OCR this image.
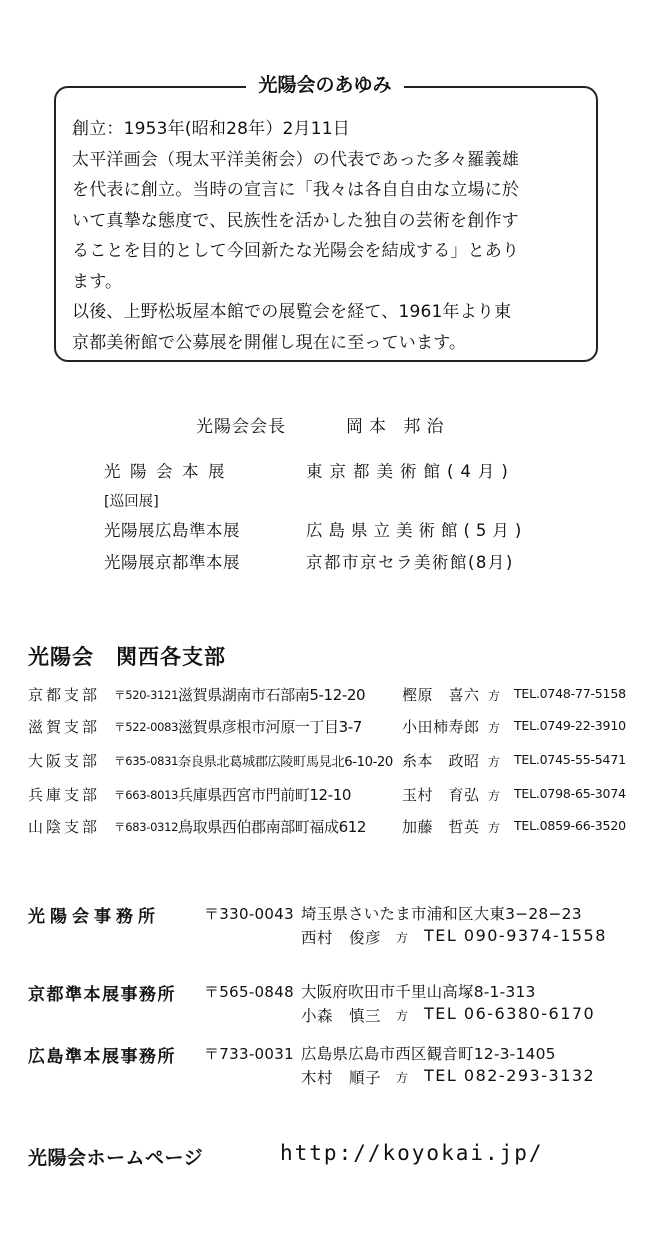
光陽会のあゆみ
創立：1953年(昭和28年）2月11日
太平洋画会（現太平洋美術会）の代表であった多々羅義雄
を代表に創立。当時の宣言に「我々は各自自由な立場に於
いて真摯な態度で、民族性を活かした独自の芸術を創作す
ることを目的として今回新たな光陽会を結成する」とあり
ます。
以後、上野松坂屋本館での展覧会を経て、1961年より東
京都美術館で公募展を開催し現在に至っています。
光陽会会長	岡本 邦治
光陽会本展	東京都美術館(4月)
[巡回展]
光陽展広島準本展	広島県立美術館(5月)
光陽展京都準本展	京都市京セラ美術館(8月)
光陽会　関西各支部
京都支部 〒520-3121 滋賀県湖南市石部南5-12-20 樫原　喜六 方 TEL.0748-77-5158
滋賀支部 〒522-0083 滋賀県彦根市河原一丁目3-7	小田柿寿郎 方 TEL.0749-22-3910
大阪支部 〒635-0831 奈良県北葛城郡広陵町馬見北6-10-20 糸本　政昭 方 TEL.0745-55-5471
兵庫支部 〒663-8013 兵庫県西宮市門前町12-10	玉村　育弘 方 TEL.0798-65-3074
山陰支部 〒683-0312 鳥取県西伯郡南部町福成612 加藤　哲英 方 TEL.0859-66-3520
光陽会事務所	〒330-0043 埼玉県さいたま市浦和区大東3−28−23
西村　俊彦 方 TEL 090-9374-1558
京都準本展事務所 〒565-0848 大阪府吹田市千里山高塚8-1-313
小森　慎三 方 TEL 06-6380-6170
広島準本展事務所 〒733-0031 広島県広島市西区観音町12-3-1405
木村　順子 方 TEL 082-293-3132
光陽会ホームページ	http://koyokai.jp/
